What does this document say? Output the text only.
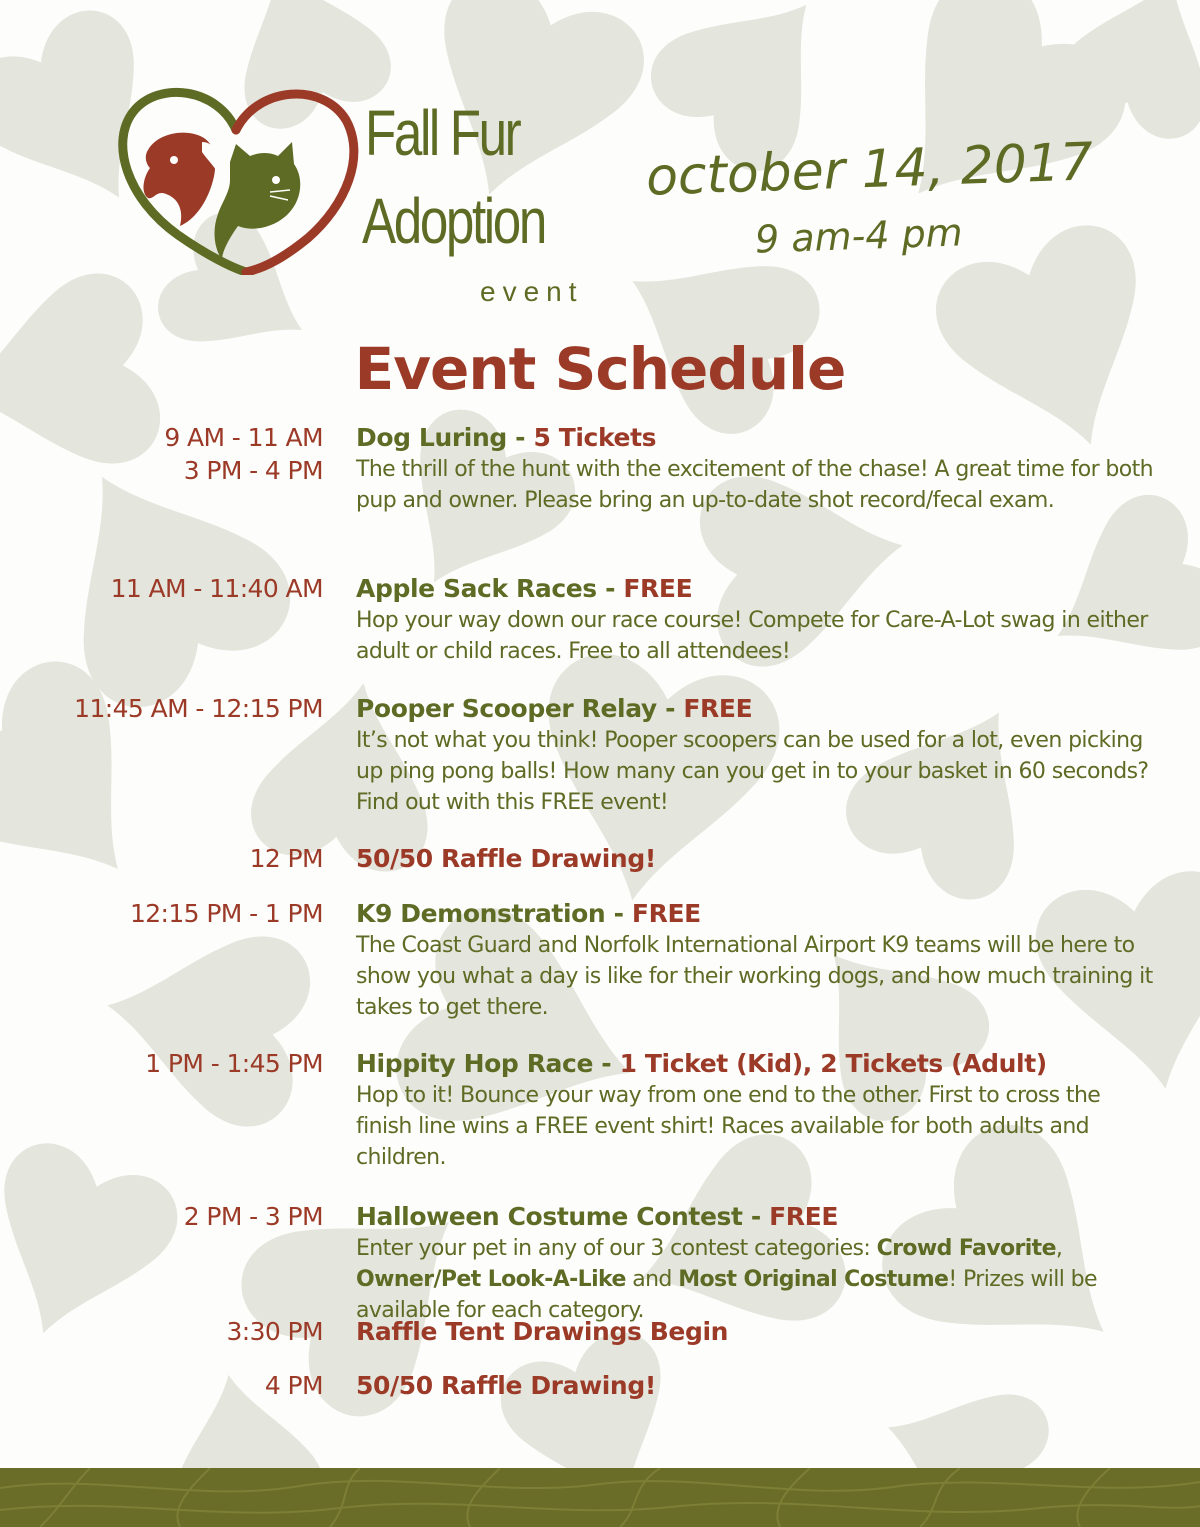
Fall Fur
Adoption
event
october 14, 2017
9 am-4 pm
Event Schedule
9 AM - 11 AM
3 PM - 4 PM
Dog Luring - 5 Tickets
The thrill of the hunt with the excitement of the chase! A great time for both pup and owner. Please bring an up-to-date shot record/fecal exam.
11 AM - 11:40 AM Apple Sack Races - FREE
Hop your way down our race course! Compete for Care-A-Lot swag in either adult or child races. Free to all attendees!
11:45 AM - 12:15 PM Pooper Scooper Relay - FREE
It’s not what you think! Pooper scoopers can be used for a lot, even picking up ping pong balls! How many can you get in to your basket in 60 seconds? Find out with this FREE event!
12 PM 50/50 Raffle Drawing!
12:15 PM - 1 PM K9 Demonstration - FREE
The Coast Guard and Norfolk International Airport K9 teams will be here to show you what a day is like for their working dogs, and how much training it takes to get there.
1 PM - 1:45 PM Hippity Hop Race - 1 Ticket (Kid), 2 Tickets (Adult)
Hop to it! Bounce your way from one end to the other. First to cross the finish line wins a FREE event shirt! Races available for both adults and children.
2 PM - 3 PM Halloween Costume Contest - FREE
Enter your pet in any of our 3 contest categories: Crowd Favorite, Owner/Pet Look-A-Like and Most Original Costume! Prizes will be available for each category.
3:30 PM Raffle Tent Drawings Begin
4 PM 50/50 Raffle Drawing!
